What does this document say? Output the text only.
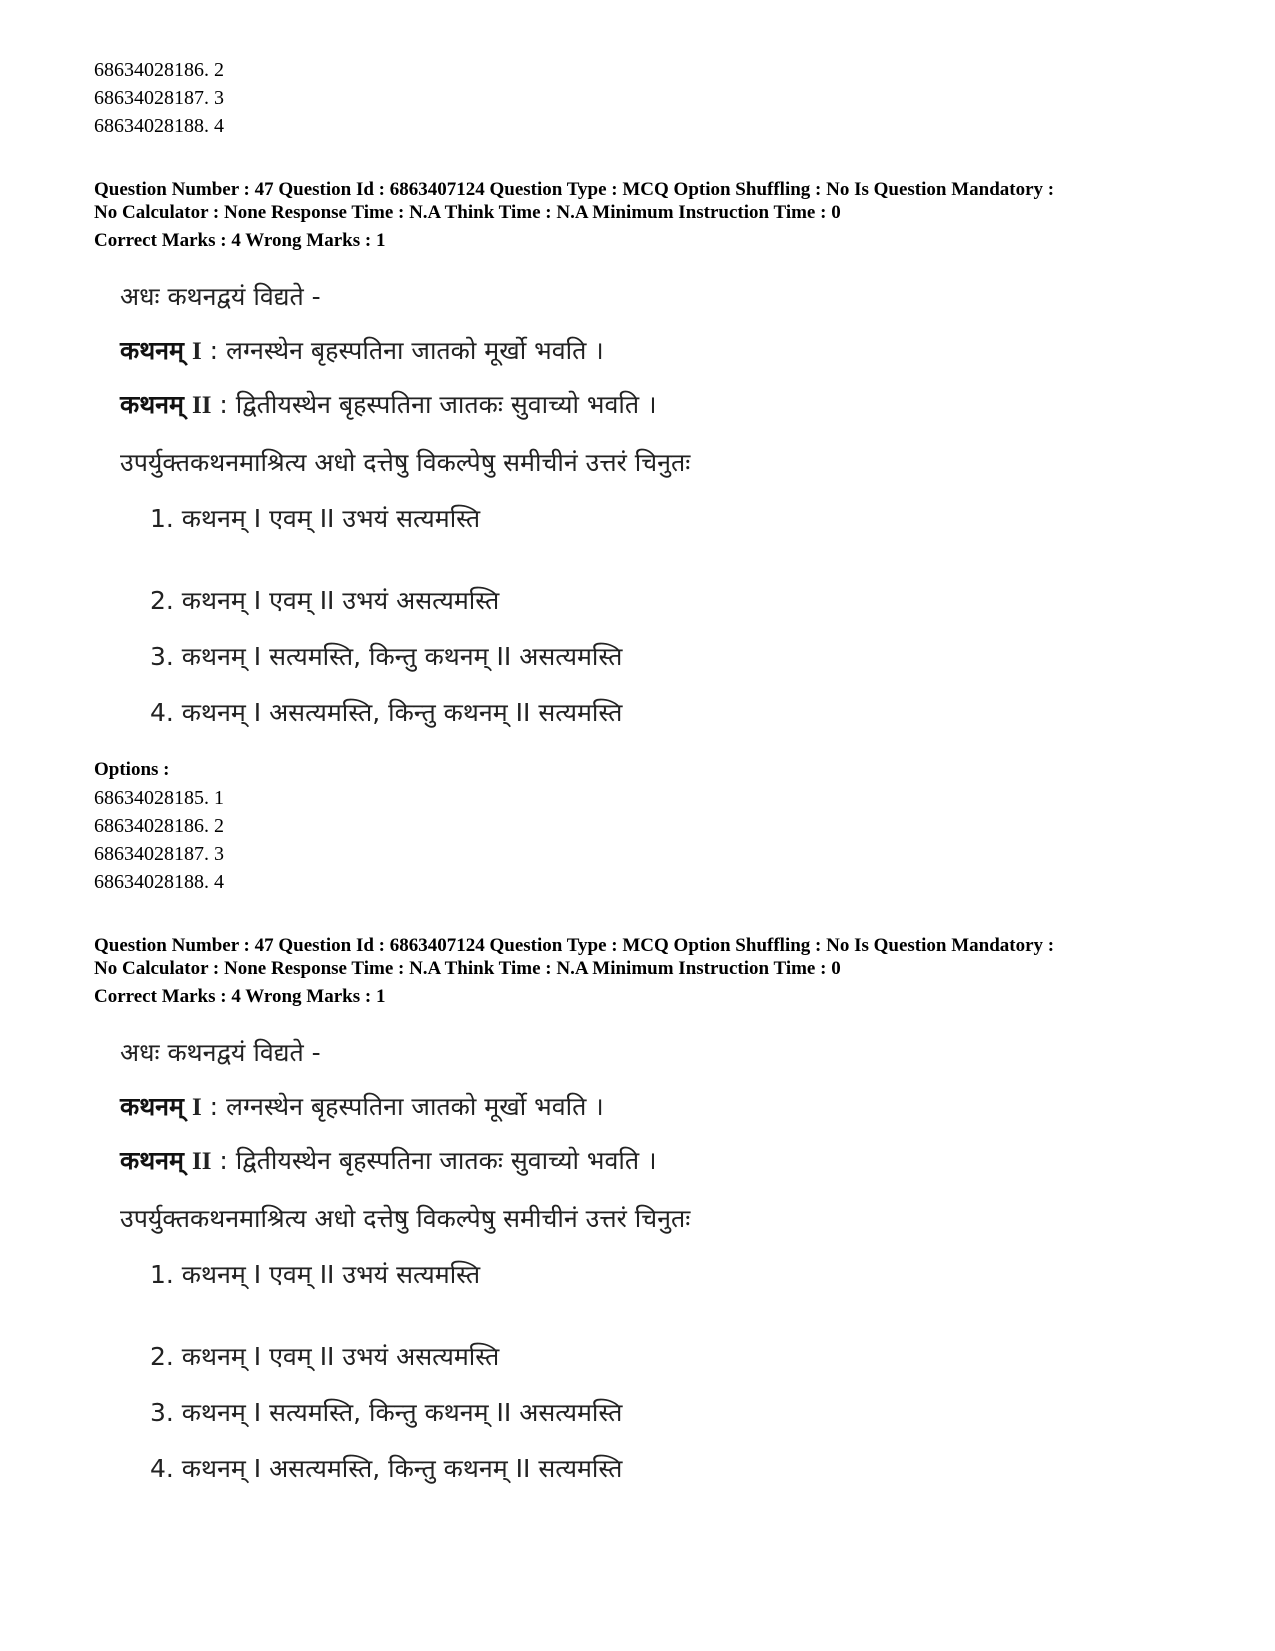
68634028186. 2
68634028187. 3
68634028188. 4
Question Number : 47 Question Id : 6863407124 Question Type : MCQ Option Shuffling : No Is Question Mandatory :
No Calculator : None Response Time : N.A Think Time : N.A Minimum Instruction Time : 0
Correct Marks : 4 Wrong Marks : 1
अधः कथनद्वयं विद्यते -
कथनम् I : लग्नस्थेन बृहस्पतिना जातको मूर्खो भवति ।
कथनम् II : द्वितीयस्थेन बृहस्पतिना जातकः सुवाच्यो भवति ।
उपर्युक्तकथनमाश्रित्य अधो दत्तेषु विकल्पेषु समीचीनं उत्तरं चिनुतः
1. कथनम् I एवम् II उभयं सत्यमस्ति
2. कथनम् I एवम् II उभयं असत्यमस्ति
3. कथनम् I सत्यमस्ति, किन्तु कथनम् II असत्यमस्ति
4. कथनम् I असत्यमस्ति, किन्तु कथनम् II सत्यमस्ति
Options :
68634028185. 1
68634028186. 2
68634028187. 3
68634028188. 4
Question Number : 47 Question Id : 6863407124 Question Type : MCQ Option Shuffling : No Is Question Mandatory :
No Calculator : None Response Time : N.A Think Time : N.A Minimum Instruction Time : 0
Correct Marks : 4 Wrong Marks : 1
अधः कथनद्वयं विद्यते -
कथनम् I : लग्नस्थेन बृहस्पतिना जातको मूर्खो भवति ।
कथनम् II : द्वितीयस्थेन बृहस्पतिना जातकः सुवाच्यो भवति ।
उपर्युक्तकथनमाश्रित्य अधो दत्तेषु विकल्पेषु समीचीनं उत्तरं चिनुतः
1. कथनम् I एवम् II उभयं सत्यमस्ति
2. कथनम् I एवम् II उभयं असत्यमस्ति
3. कथनम् I सत्यमस्ति, किन्तु कथनम् II असत्यमस्ति
4. कथनम् I असत्यमस्ति, किन्तु कथनम् II सत्यमस्ति
